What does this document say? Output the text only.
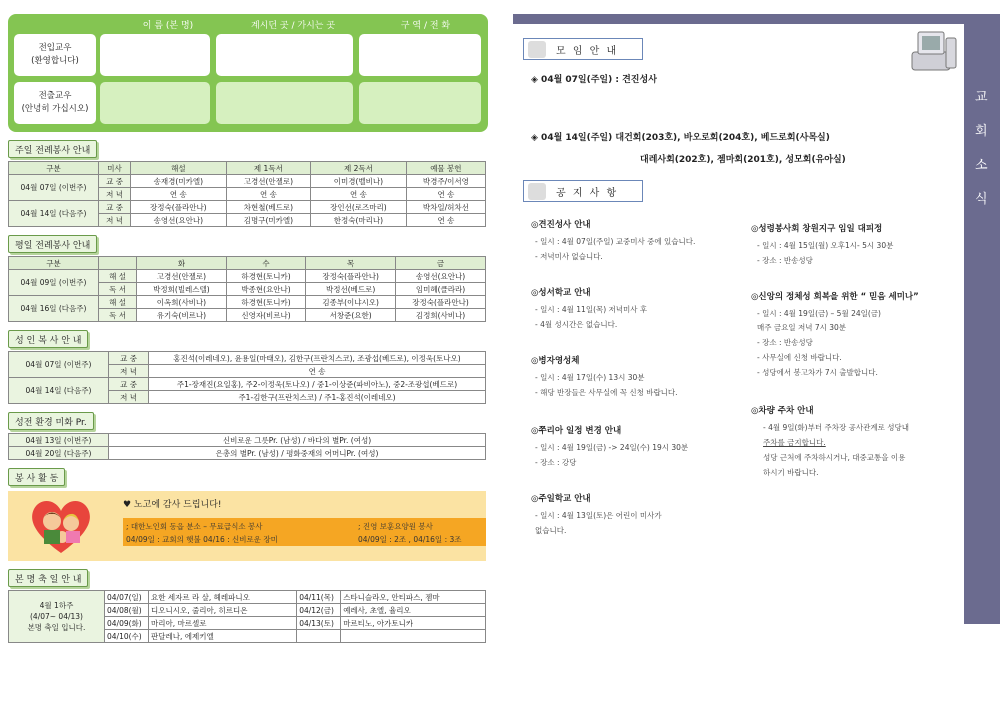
이 름 (본 명)	계시던 곳 / 가시는 곳	구 역 / 전 화
전입교우
(환영합니다)
전출교우
(안녕히 가십시오)
주일 전례봉사 안내
구분	미사	해설	제 1독서	제 2독서	예물 봉헌
04월 07일 (이번주)	교 중	송재경(미카엘)	고경선(안젤로)	이미경(벨비나)	박경주/이서영
	저 녁	연 송	연 송	연 송	연 송
04월 14일 (다음주)	교 중	장정숙(플라안나)	차현철(베드로)	장인선(로즈마리)	박차일/허차선
	저 녁	송영선(요안나)	김명구(미카엘)	한정숙(마리나)	연 송
평일 전례봉사 안내
구분		화	수	목	금
04월 09일 (이번주)	해 설	고경선(안젤로)	하경현(토니카)	장정숙(플라안나)	송영선(요안나)
	독 서	박정희(빌레스텔)	박종현(요안나)	박정선(베드로)	임미혜(클라라)
04월 16일 (다음주)	해 설	이옥희(사비나)	하경현(토니카)	김종부(이냐시오)	장정숙(플라안나)
	독 서	유기숙(비르나)	신영자(비르나)	서창준(요한)	김정희(사비나)
성 인 복 사 안 내
04월 07일 (이번주)	교 중	홍진석(이레네오), 윤용일(마태오), 김한구(프란치스코), 조광섭(베드로), 이정욱(토나오)
	저 녁	연 송
04월 14일 (다음주)	교 중	주1-장재진(요일홍), 주2-이정욱(토나오) / 중1-이상준(파비아노), 중2-조광섭(베드로)
	저 녁	주1-김한구(프란치스코) / 주1-홍진석(이레네오)
성전 환경 미화 Pr.
04월 13일 (이번주)	신비로운 그릇Pr. (남성) / 바다의 별Pr. (여성)
04월 20일 (다음주)	은총의 별Pr. (남성) / 평화중재의 어머니Pr. (여성)
봉 사 활 동
♥ 노고에 감사 드립니다!
; 대한노인회 동읍 분소 – 무료급식소 봉사
04/09일 : 교회의 햇불 04/16 : 신비로운 장미
; 진영 보훈요양원 봉사
04/09일 : 2조 , 04/16일 : 3조
본 명 축 일 안 내
4월 1하주
(4/07~ 04/13)
본명 축일 입니다.	04/07(일)	요한 세자르 라 살, 헤레파니오	04/11(목)	스타니슬라오, 안티파스, 젬마
	04/08(월)	디오니시오, 줄리아, 히르디온	04/12(금)	예레사, 초엘, 율리오
	04/09(화)	마리아, 마르셀로	04/13(토)	마르티노, 아가토니카
	04/10(수)	판달레나, 에제키엘		
교
회
소
식
모 임 안 내
◈ 04월 07일(주일) : 견진성사
◈ 04월 14일(주일) 대건회(203호), 바오로회(204호), 베드로회(사목실)
대레사회(202호), 젬마회(201호), 성모회(유아실)
공 지 사 항
◎견진성사 안내
- 일시 : 4월 07일(주일) 교중미사 중에 있습니다.
- 저녁미사 없습니다.
◎성서학교 안내
- 일시 : 4월 11일(목) 저녁미사 후
- 4월 성시간은 없습니다.
◎병자영성체
- 일시 : 4월 17일(수) 13시 30분
- 해당 반장들은 사무실에 꼭 신청 바랍니다.
◎쭈리아 일정 변경 안내
- 일시 : 4월 19일(금) -> 24일(수) 19시 30분
- 장소 : 강당
◎주일학교 안내
- 일시 : 4월 13일(토)은 어린이 미사가
없습니다.
◎성령봉사회 창원지구 임일 대피정
- 일시 : 4월 15일(월) 오후1시- 5시 30분
- 장소 : 반송성당
◎신앙의 정체성 회복을 위한 “ 믿음 세미나”
- 일시 : 4월 19일(금) – 5월 24일(금)
매주 금요일 저녁 7시 30분
- 장소 : 반송성당
- 사무실에 신청 바랍니다.
- 성당에서 봉고차가 7시 출발합니다.
◎차량 주차 안내
- 4월 9일(화)부터 주차장 공사관계로 성당내
주차를 금지합니다.
성당 근처에 주차하시거나, 대중교통을 이용
하시기 바랍니다.
